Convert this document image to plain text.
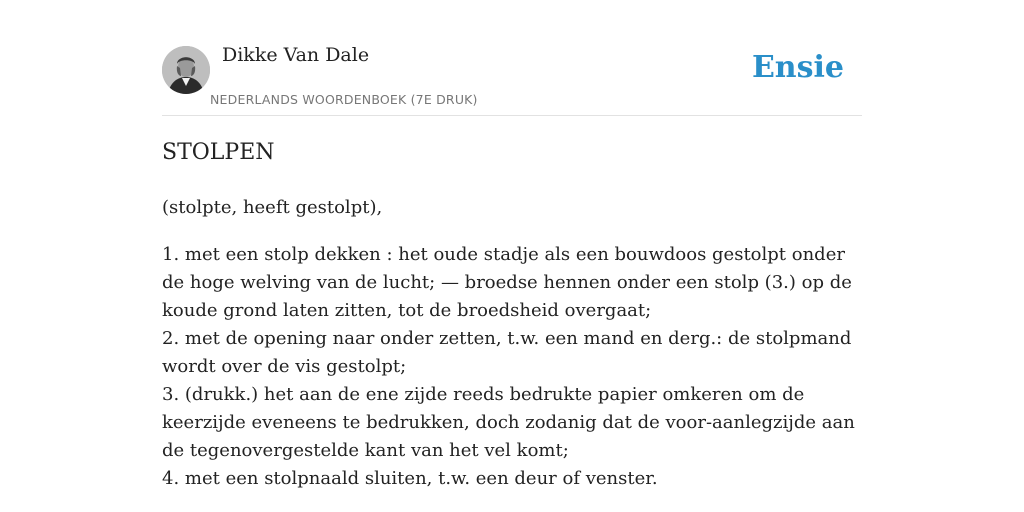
Dikke Van Dale
NEDERLANDS WOORDENBOEK (7E DRUK)
Ensie
STOLPEN

(stolpte, heeft gestolpt),

1. met een stolp dekken : het oude stadje als een bouwdoos gestolpt onder de hoge welving van de lucht; — broedse hennen onder een stolp (3.) op de koude grond laten zitten, tot de broedsheid overgaat;

2. met de opening naar onder zetten, t.w. een mand en derg.: de stolpmand wordt over de vis gestolpt;

3. (drukk.) het aan de ene zijde reeds bedrukte papier omkeren om de keerzijde eveneens te bedrukken, doch zodanig dat de voor-aanlegzijde aan de tegenovergestelde kant van het vel komt;

4. met een stolpnaald sluiten, t.w. een deur of venster.
